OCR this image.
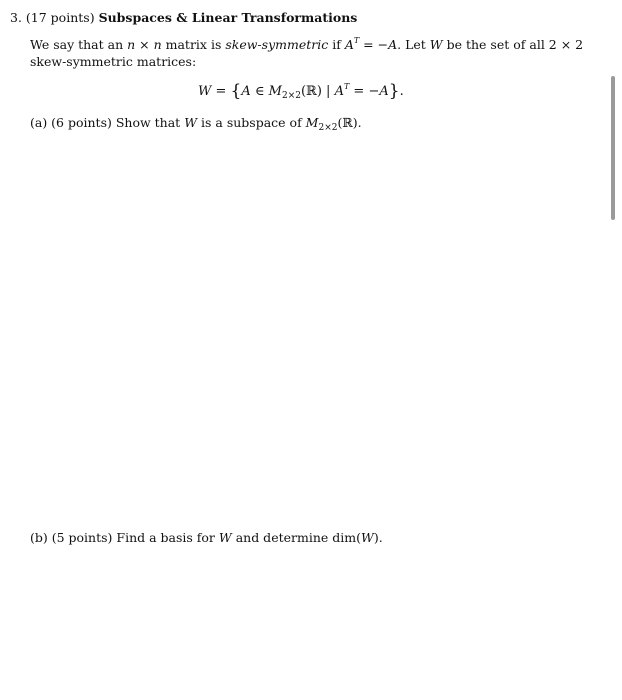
3. (17 points) Subspaces & Linear Transformations
We say that an n × n matrix is skew-symmetric if $A^T = -A$. Let W be the set of all 2 × 2
skew-symmetric matrices:
W = {A ∈ $M_{2\times 2}(ℝ)$ | $A^T = -A$}.
(a) (6 points) Show that W is a subspace of $M_{2\times 2}(ℝ)$.
(b) (5 points) Find a basis for W and determine dim(W).
